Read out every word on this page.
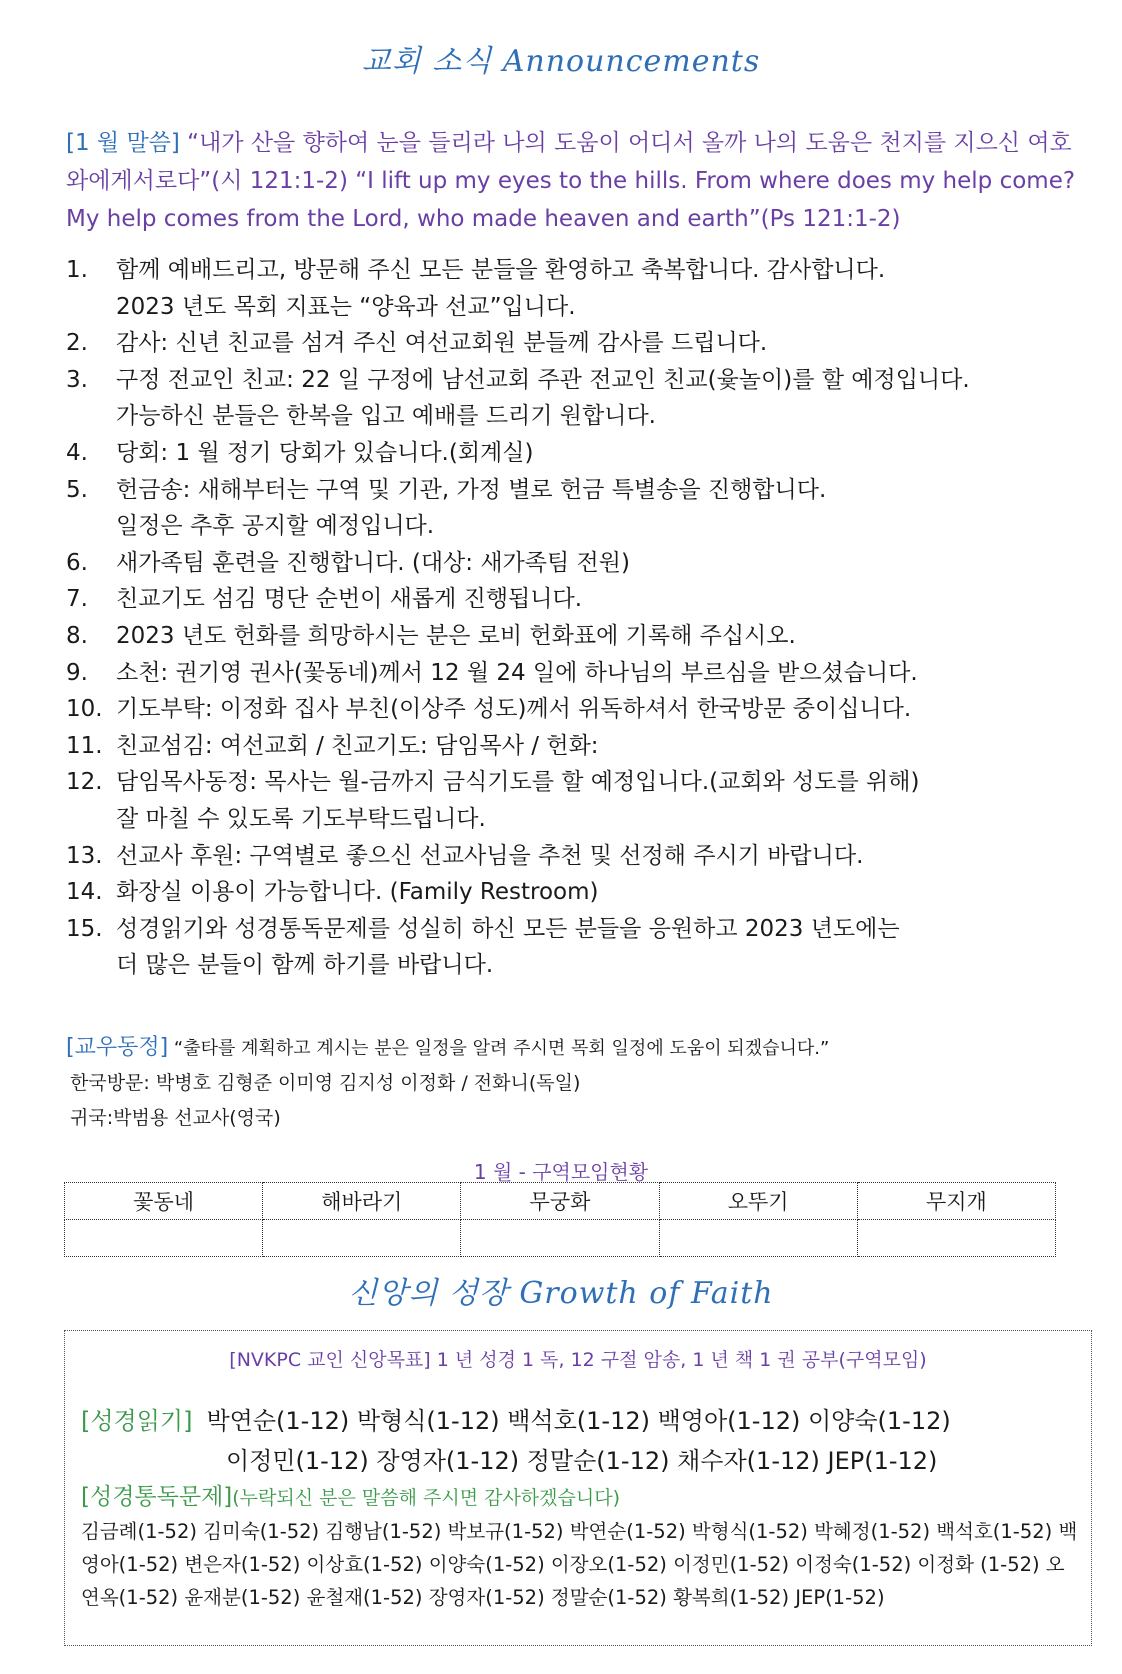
교회 소식 Announcements
[1 월 말씀] “내가 산을 향하여 눈을 들리라 나의 도움이 어디서 올까 나의 도움은 천지를 지으신 여호와에게서로다”(시 121:1-2) “I lift up my eyes to the hills. From where does my help come? My help comes from the Lord, who made heaven and earth”(Ps 121:1-2)
1.	함께 예배드리고, 방문해 주신 모든 분들을 환영하고 축복합니다. 감사합니다.
2023 년도 목회 지표는 “양육과 선교”입니다.
2.	감사: 신년 친교를 섬겨 주신 여선교회원 분들께 감사를 드립니다.
3.	구정 전교인 친교: 22 일 구정에 남선교회 주관 전교인 친교(윷놀이)를 할 예정입니다.
가능하신 분들은 한복을 입고 예배를 드리기 원합니다.
4.	당회: 1 월 정기 당회가 있습니다.(회계실)
5.	헌금송: 새해부터는 구역 및 기관, 가정 별로 헌금 특별송을 진행합니다.
일정은 추후 공지할 예정입니다.
6.	새가족팀 훈련을 진행합니다. (대상: 새가족팀 전원)
7.	친교기도 섬김 명단 순번이 새롭게 진행됩니다.
8.	2023 년도 헌화를 희망하시는 분은 로비 헌화표에 기록해 주십시오.
9.	소천: 권기영 권사(꽃동네)께서 12 월 24 일에 하나님의 부르심을 받으셨습니다.
10. 기도부탁: 이정화 집사 부친(이상주 성도)께서 위독하셔서 한국방문 중이십니다.
11. 친교섬김: 여선교회 / 친교기도: 담임목사 / 헌화:
12. 담임목사동정: 목사는 월-금까지 금식기도를 할 예정입니다.(교회와 성도를 위해)
잘 마칠 수 있도록 기도부탁드립니다.
13. 선교사 후원: 구역별로 좋으신 선교사님을 추천 및 선정해 주시기 바랍니다.
14. 화장실 이용이 가능합니다. (Family Restroom)
15. 성경읽기와 성경통독문제를 성실히 하신 모든 분들을 응원하고 2023 년도에는
더 많은 분들이 함께 하기를 바랍니다.
[교우동정] “출타를 계획하고 계시는 분은 일정을 알려 주시면 목회 일정에 도움이 되겠습니다.”
한국방문: 박병호 김형준 이미영 김지성 이정화 / 전화니(독일)
귀국:박범용 선교사(영국)
1 월 - 구역모임현황
꽃동네	해바라기	무궁화	오뚜기	무지개

신앙의 성장 Growth of Faith
[NVKPC 교인 신앙목표] 1 년 성경 1 독, 12 구절 암송, 1 년 책 1 권 공부(구역모임)
[성경읽기] 박연순(1-12) 박형식(1-12) 백석호(1-12) 백영아(1-12) 이양숙(1-12)
이정민(1-12) 장영자(1-12) 정말순(1-12) 채수자(1-12) JEP(1-12)
[성경통독문제](누락되신 분은 말씀해 주시면 감사하겠습니다)
김금례(1-52) 김미숙(1-52) 김행남(1-52) 박보규(1-52) 박연순(1-52) 박형식(1-52) 박혜정(1-52) 백석호(1-52) 백영아(1-52) 변은자(1-52) 이상효(1-52) 이양숙(1-52) 이장오(1-52) 이정민(1-52) 이정숙(1-52) 이정화 (1-52) 오연옥(1-52) 윤재분(1-52) 윤철재(1-52) 장영자(1-52) 정말순(1-52) 황복희(1-52) JEP(1-52)
